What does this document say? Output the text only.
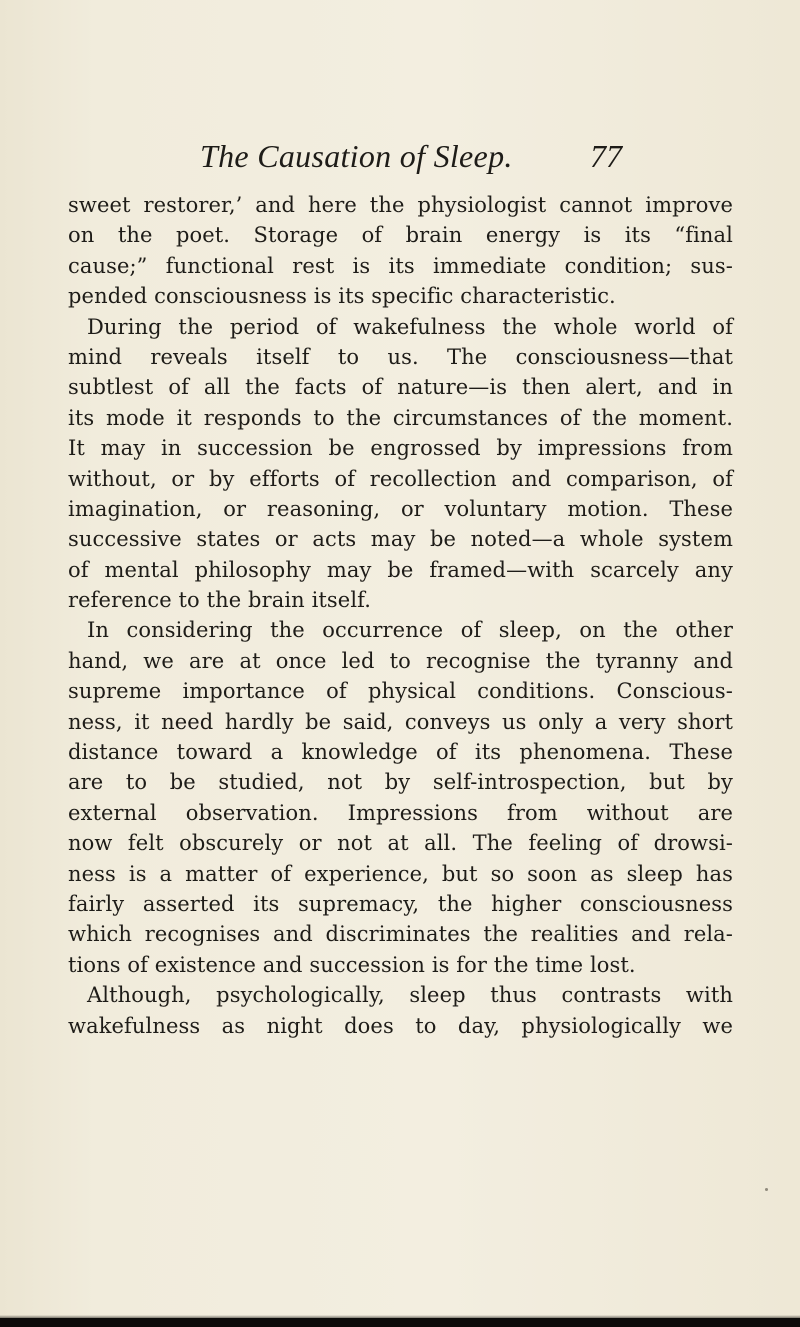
The Causation of Sleep. 77
sweet restorer,’ and here the physiologist cannot improve
on the poet. Storage of brain energy is its “final
cause;” functional rest is its immediate condition; sus-
pended consciousness is its specific characteristic.
During the period of wakefulness the whole world of
mind reveals itself to us. The consciousness—that
subtlest of all the facts of nature—is then alert, and in
its mode it responds to the circumstances of the moment.
It may in succession be engrossed by impressions from
without, or by efforts of recollection and comparison, of
imagination, or reasoning, or voluntary motion. These
successive states or acts may be noted—a whole system
of mental philosophy may be framed—with scarcely any
reference to the brain itself.
In considering the occurrence of sleep, on the other
hand, we are at once led to recognise the tyranny and
supreme importance of physical conditions. Conscious-
ness, it need hardly be said, conveys us only a very short
distance toward a knowledge of its phenomena. These
are to be studied, not by self-introspection, but by
external observation. Impressions from without are
now felt obscurely or not at all. The feeling of drowsi-
ness is a matter of experience, but so soon as sleep has
fairly asserted its supremacy, the higher consciousness
which recognises and discriminates the realities and rela-
tions of existence and succession is for the time lost.
Although, psychologically, sleep thus contrasts with
wakefulness as night does to day, physiologically we
